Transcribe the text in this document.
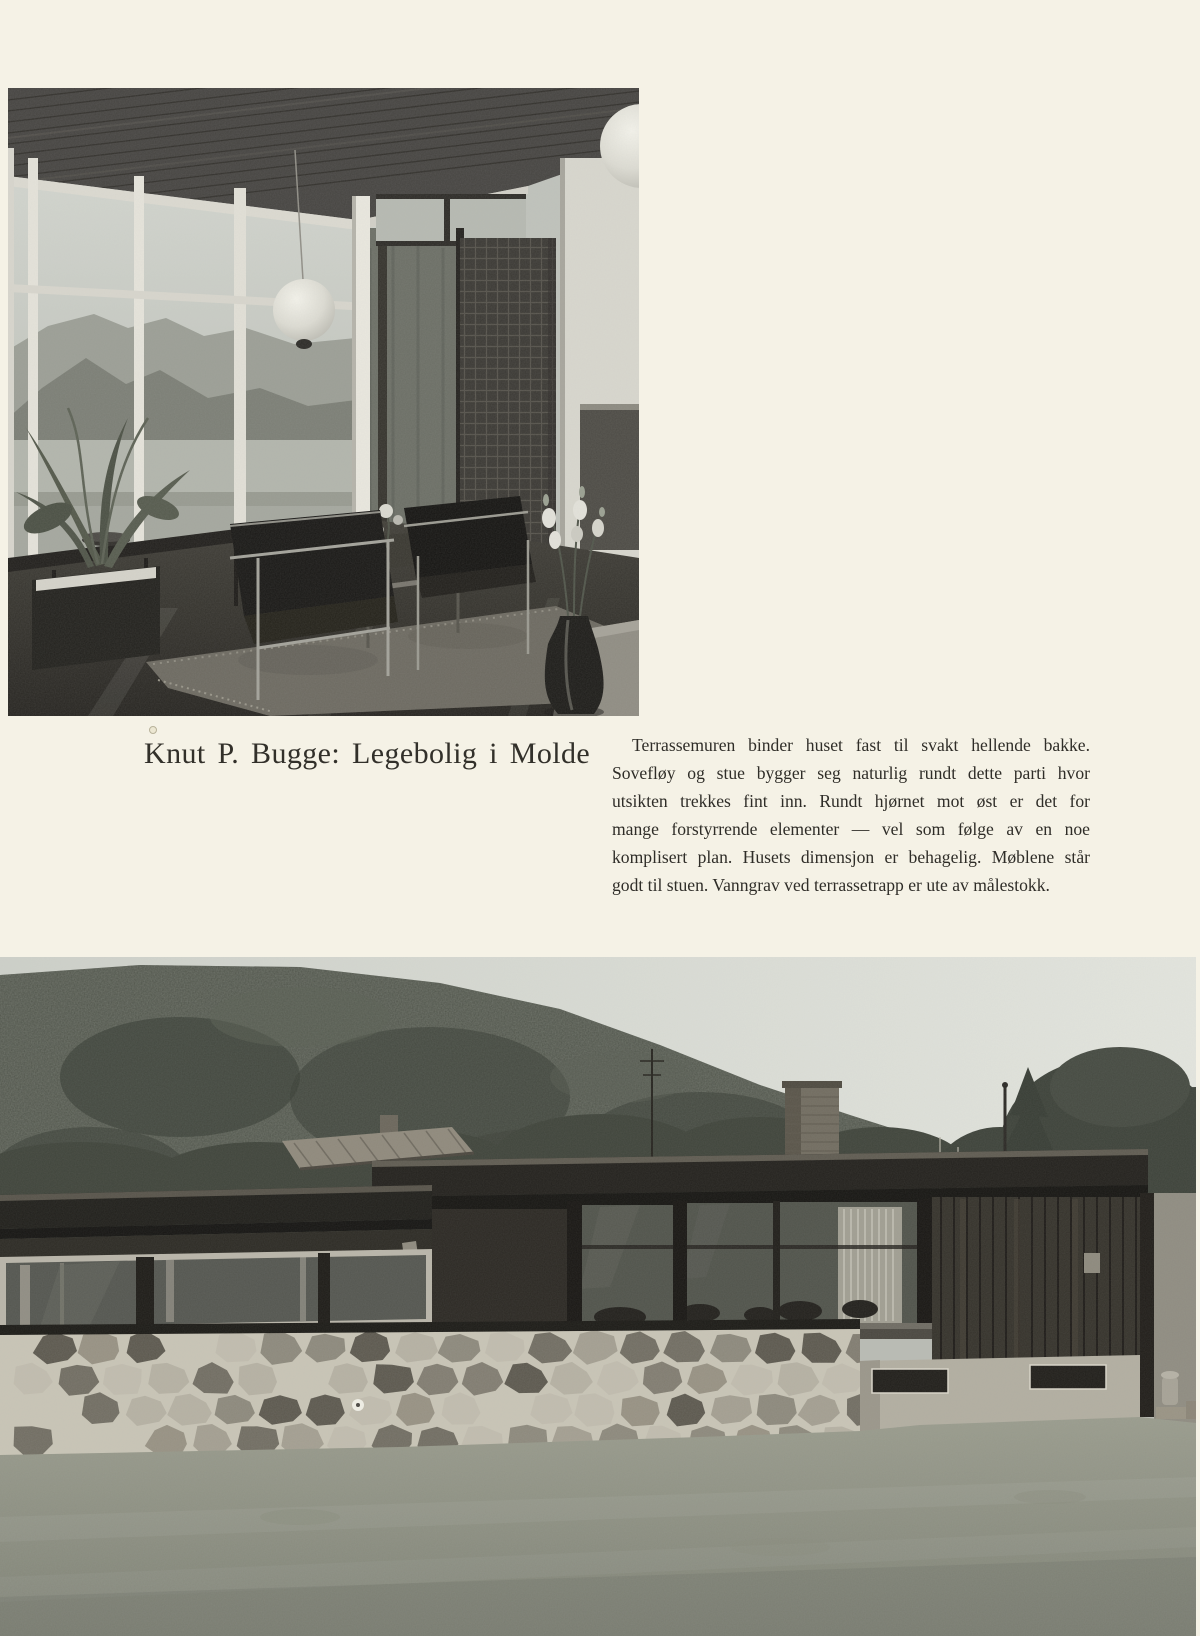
Knut P. Bugge: Legebolig i Molde	Terrassemuren binder huset fast til svakt hellende bakke.
Sovefløy og stue bygger seg naturlig rundt dette parti hvor
utsikten trekkes fint inn. Rundt hjørnet mot øst er det for
mange forstyrrende elementer — vel som følge av en noe
komplisert plan. Husets dimensjon er behagelig. Møblene står
godt til stuen. Vanngrav ved terrassetrapp er ute av målestokk.
